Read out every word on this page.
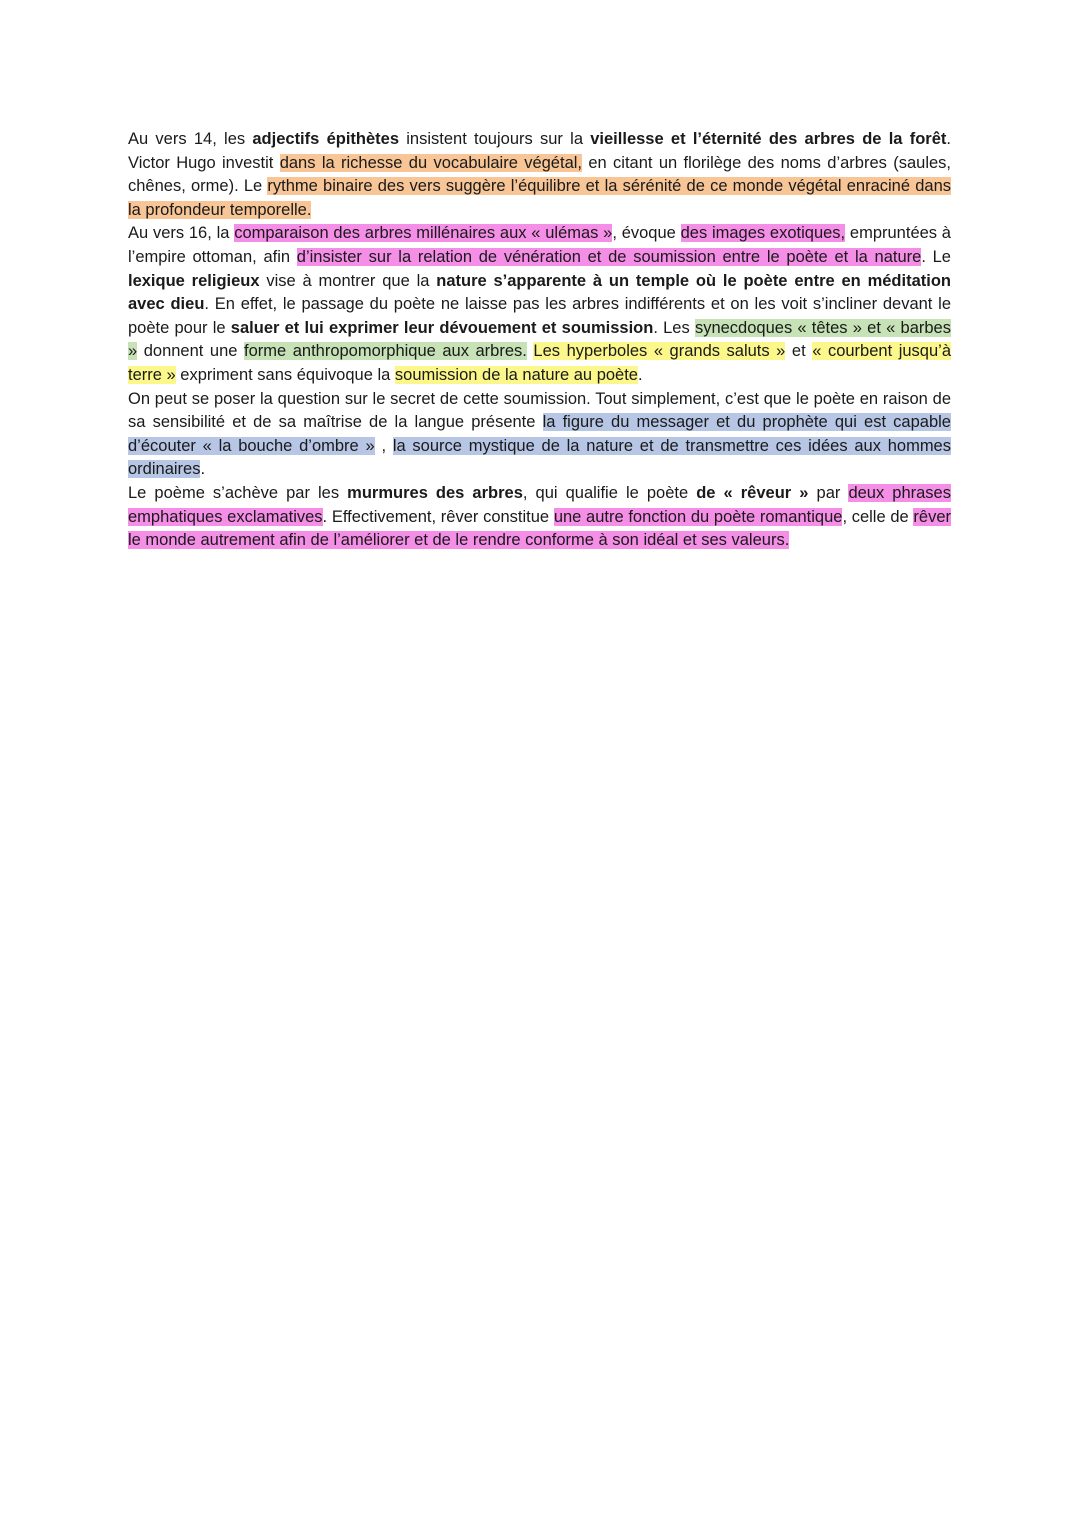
Au vers 14, les adjectifs épithètes insistent toujours sur la vieillesse et l’éternité des arbres de la forêt. Victor Hugo investit dans la richesse du vocabulaire végétal, en citant un florilège des noms d’arbres (saules, chênes, orme). Le rythme binaire des vers suggère l’équilibre et la sérénité de ce monde végétal enraciné dans la profondeur temporelle.

Au vers 16, la comparaison des arbres millénaires aux « ulémas », évoque des images exotiques, empruntées à l’empire ottoman, afin d’insister sur la relation de vénération et de soumission entre le poète et la nature. Le lexique religieux vise à montrer que la nature s’apparente à un temple où le poète entre en méditation avec dieu. En effet, le passage du poète ne laisse pas les arbres indifférents et on les voit s’incliner devant le poète pour le saluer et lui exprimer leur dévouement et soumission. Les synecdoques « têtes » et « barbes » donnent une forme anthropomorphique aux arbres. Les hyperboles « grands saluts » et « courbent jusqu’à terre » expriment sans équivoque la soumission de la nature au poète.

On peut se poser la question sur le secret de cette soumission. Tout simplement, c’est que le poète en raison de sa sensibilité et de sa maîtrise de la langue présente la figure du messager et du prophète qui est capable d’écouter « la bouche d’ombre » , la source mystique de la nature et de transmettre ces idées aux hommes ordinaires.

Le poème s’achève par les murmures des arbres, qui qualifie le poète de « rêveur » par deux phrases emphatiques exclamatives. Effectivement, rêver constitue une autre fonction du poète romantique, celle de rêver le monde autrement afin de l’améliorer et de le rendre conforme à son idéal et ses valeurs.
